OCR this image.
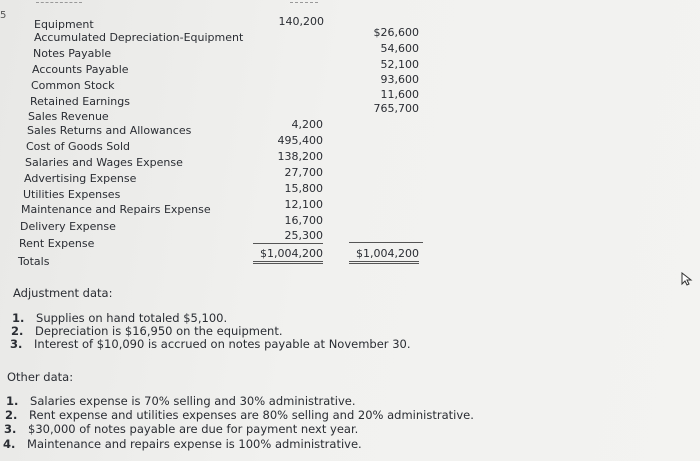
5
Equipment
Accumulated Depreciation-Equipment
Notes Payable
Accounts Payable
Common Stock
Retained Earnings
Sales Revenue
Sales Returns and Allowances
Cost of Goods Sold
Salaries and Wages Expense
Advertising Expense
Utilities Expenses
Maintenance and Repairs Expense
Delivery Expense
Rent Expense
Totals
140,200
4,200
495,400
138,200
27,700
15,800
12,100
16,700
25,300
$1,004,200
$26,600
54,600
52,100
93,600
11,600
765,700
$1,004,200
Adjustment data:
1. Supplies on hand totaled $5,100.
2. Depreciation is $16,950 on the equipment.
3. Interest of $10,090 is accrued on notes payable at November 30.
Other data:
1. Salaries expense is 70% selling and 30% administrative.
2. Rent expense and utilities expenses are 80% selling and 20% administrative.
3. $30,000 of notes payable are due for payment next year.
4. Maintenance and repairs expense is 100% administrative.
